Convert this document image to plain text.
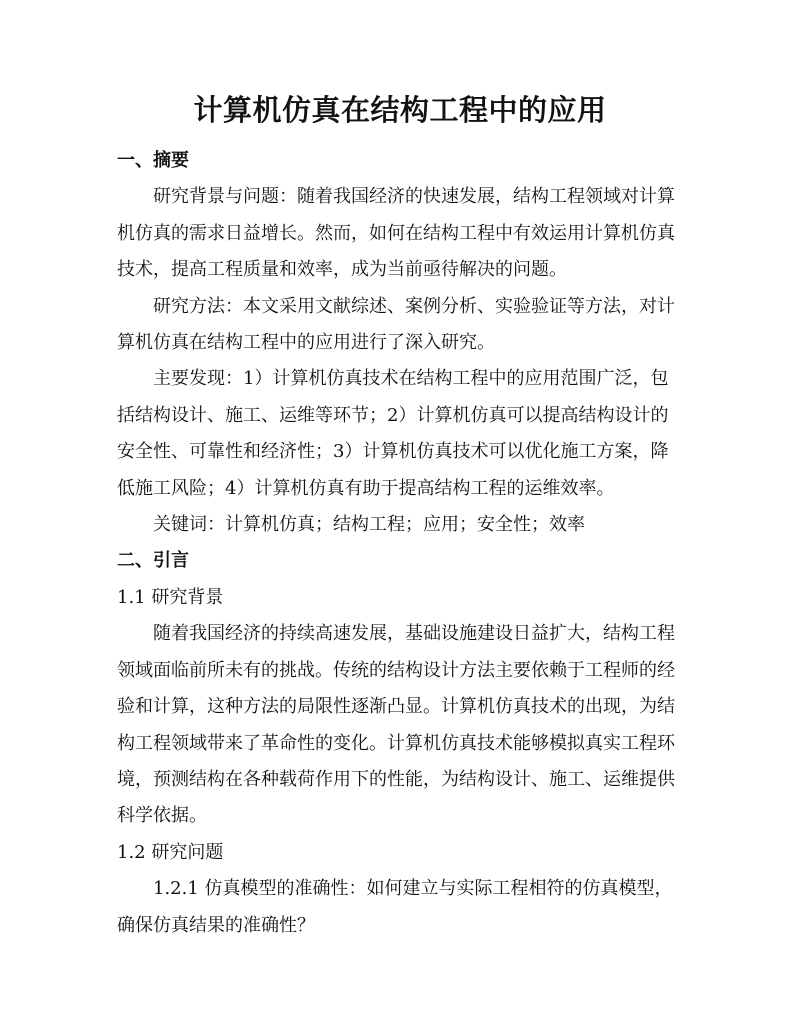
计算机仿真在结构工程中的应用

一、摘要

研究背景与问题：随着我国经济的快速发展，结构工程领域对计算机仿真的需求日益增长。然而，如何在结构工程中有效运用计算机仿真技术，提高工程质量和效率，成为当前亟待解决的问题。

研究方法：本文采用文献综述、案例分析、实验验证等方法，对计算机仿真在结构工程中的应用进行了深入研究。

主要发现：1）计算机仿真技术在结构工程中的应用范围广泛，包括结构设计、施工、运维等环节；2）计算机仿真可以提高结构设计的安全性、可靠性和经济性；3）计算机仿真技术可以优化施工方案，降低施工风险；4）计算机仿真有助于提高结构工程的运维效率。

关键词：计算机仿真；结构工程；应用；安全性；效率

二、引言

1.1 研究背景

随着我国经济的持续高速发展，基础设施建设日益扩大，结构工程领域面临前所未有的挑战。传统的结构设计方法主要依赖于工程师的经验和计算，这种方法的局限性逐渐凸显。计算机仿真技术的出现，为结构工程领域带来了革命性的变化。计算机仿真技术能够模拟真实工程环境，预测结构在各种载荷作用下的性能，为结构设计、施工、运维提供科学依据。

1.2 研究问题

1.2.1 仿真模型的准确性：如何建立与实际工程相符的仿真模型，确保仿真结果的准确性？
